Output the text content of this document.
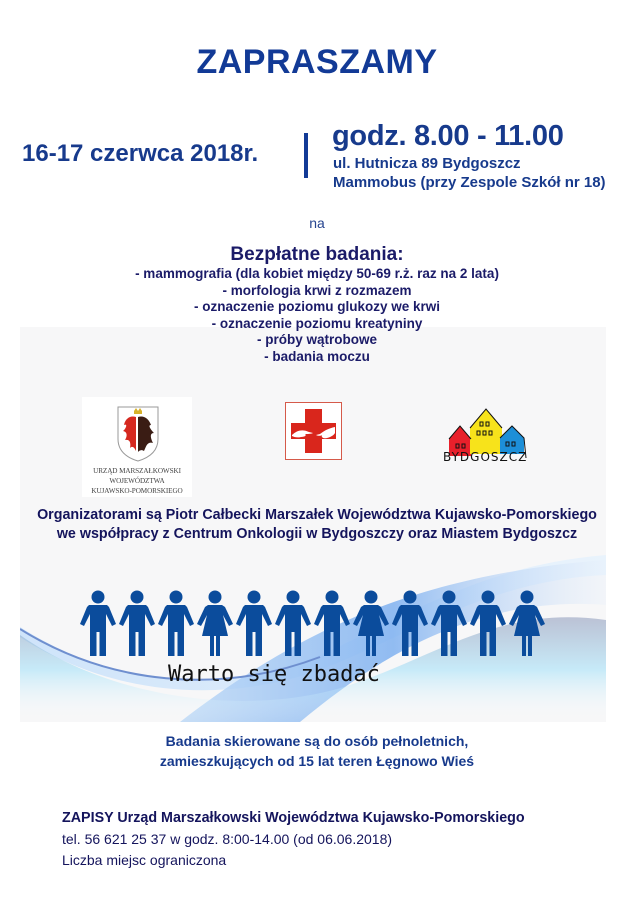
ZAPRASZAMY
16-17 czerwca 2018r.
godz. 8.00 - 11.00
ul. Hutnicza 89 Bydgoszcz
Mammobus (przy Zespole Szkół nr 18)
na
Bezpłatne badania:
- mammografia (dla kobiet między 50-69 r.ż. raz na 2 lata)
- morfologia krwi z rozmazem
- oznaczenie poziomu glukozy we krwi
- oznaczenie poziomu kreatyniny
- próby wątrobowe
- badania moczu
URZĄD MARSZAŁKOWSKI
WOJEWÓDZTWA
KUJAWSKO-POMORSKIEGO
BYDGOSZCZ
Organizatorami są Piotr Całbecki Marszałek Województwa Kujawsko-Pomorskiego
we współpracy z Centrum Onkologii w Bydgoszczy oraz Miastem Bydgoszcz
Warto się zbadać
Badania skierowane są do osób pełnoletnich,
zamieszkujących od 15 lat teren Łęgnowo Wieś
ZAPISY Urząd Marszałkowski Województwa Kujawsko-Pomorskiego
tel. 56 621 25 37 w godz. 8:00-14.00 (od 06.06.2018)
Liczba miejsc ograniczona
